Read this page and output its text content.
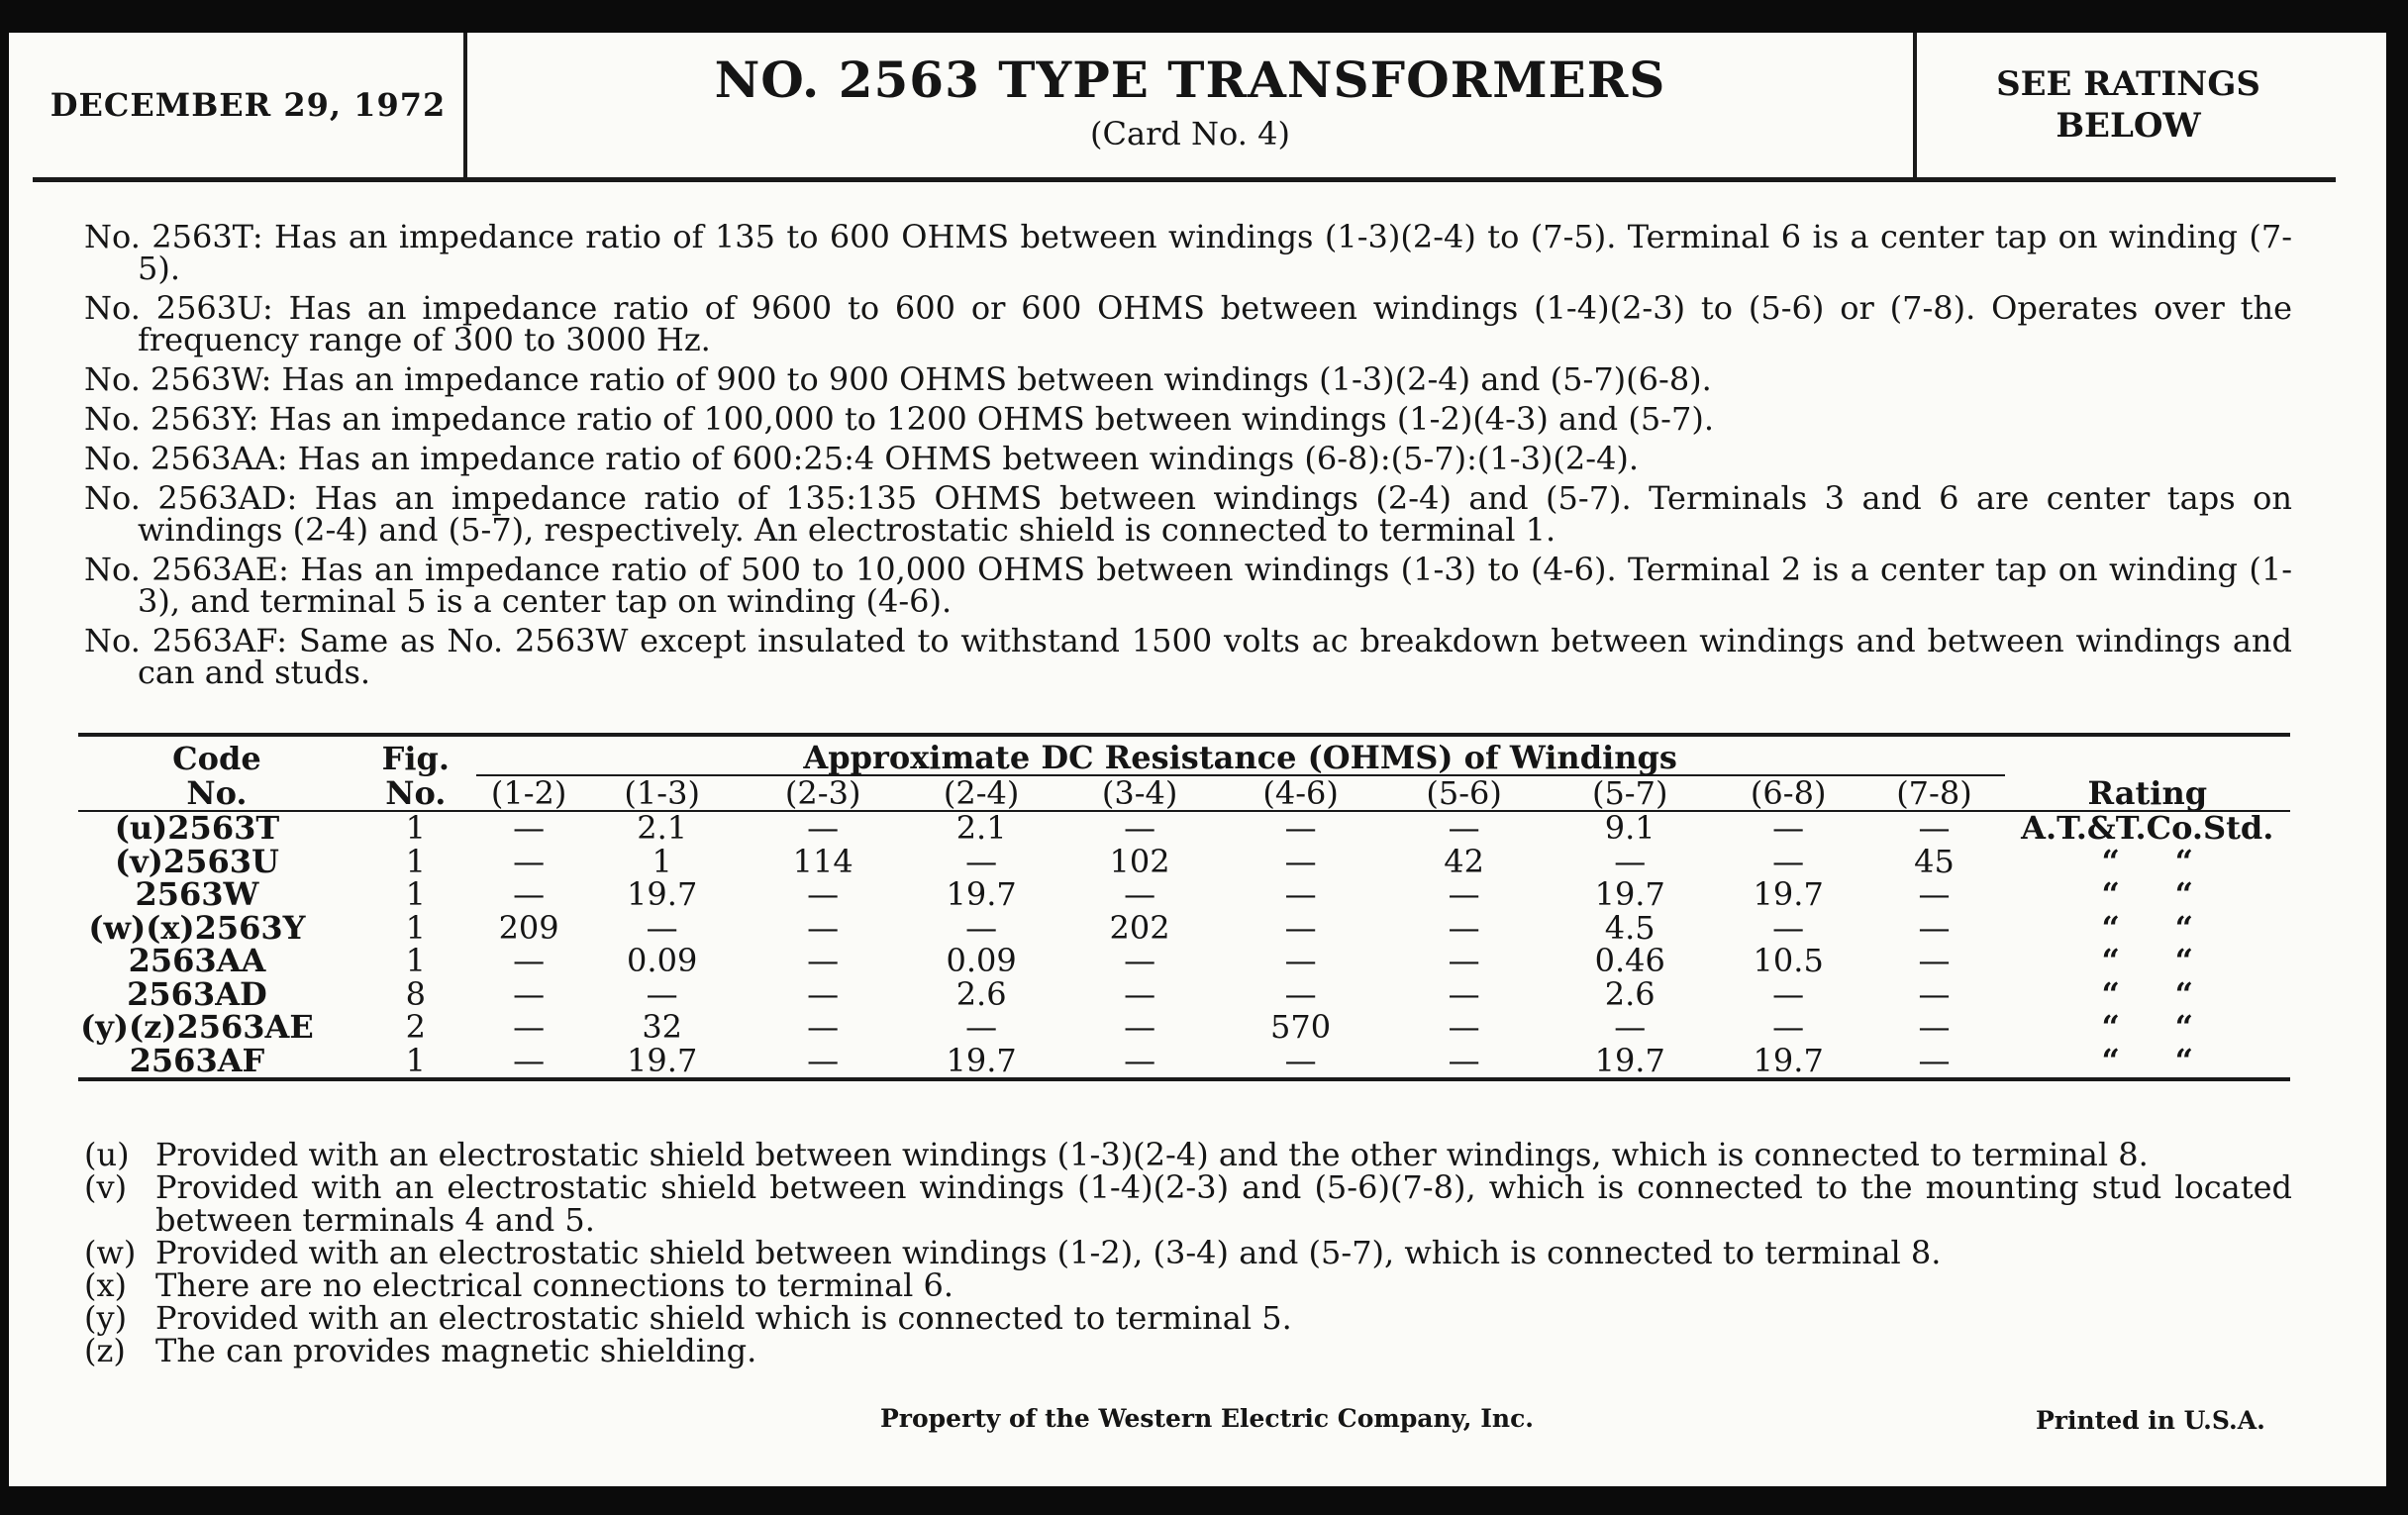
DECEMBER 29, 1972	NO. 2563 TYPE TRANSFORMERS
(Card No. 4)
SEE RATINGS
BELOW
No. 2563T: Has an impedance ratio of 135 to 600 OHMS between windings (1-3)(2-4) to (7-5). Terminal 6 is a center tap on winding (7-5).
No. 2563U: Has an impedance ratio of 9600 to 600 or 600 OHMS between windings (1-4)(2-3) to (5-6) or (7-8). Operates over the frequency range of 300 to 3000 Hz.
No. 2563W: Has an impedance ratio of 900 to 900 OHMS between windings (1-3)(2-4) and (5-7)(6-8).
No. 2563Y: Has an impedance ratio of 100,000 to 1200 OHMS between windings (1-2)(4-3) and (5-7).
No. 2563AA: Has an impedance ratio of 600:25:4 OHMS between windings (6-8):(5-7):(1-3)(2-4).
No. 2563AD: Has an impedance ratio of 135:135 OHMS between windings (2-4) and (5-7). Terminals 3 and 6 are center taps on windings (2-4) and (5-7), respectively. An electrostatic shield is connected to terminal 1.
No. 2563AE: Has an impedance ratio of 500 to 10,000 OHMS between windings (1-3) to (4-6). Terminal 2 is a center tap on winding (1-3), and terminal 5 is a center tap on winding (4-6).
No. 2563AF: Same as No. 2563W except insulated to withstand 1500 volts ac breakdown between windings and between windings and can and studs.
Code	Fig.	Approximate DC Resistance (OHMS) of Windings										
No.	No.	(1-2)	(1-3)	(2-3)	(2-4)	(3-4)	(4-6)	(5-6)	(5-7)	(6-8)	(7-8)	Rating
(u)2563T	1	—	2.1	—	2.1	—	—	—	9.1	—	—	A.T.&T.Co.Std.
(v)2563U	1	—	1	114	—	102	—	42	—	—	45	“     “
2563W	1	—	19.7	—	19.7	—	—	—	19.7	19.7	—	“     “
(w)(x)2563Y	1	209	—	—	—	202	—	—	4.5	—	—	“     “
2563AA	1	—	0.09	—	0.09	—	—	—	0.46	10.5	—	“     “
2563AD	8	—	—	—	2.6	—	—	—	2.6	—	—	“     “
(y)(z)2563AE	2	—	32	—	—	—	570	—	—	—	—	“     “
2563AF	1	—	19.7	—	19.7	—	—	—	19.7	19.7	—	“     “
(u) Provided with an electrostatic shield between windings (1-3)(2-4) and the other windings, which is connected to terminal 8.
(v) Provided with an electrostatic shield between windings (1-4)(2-3) and (5-6)(7-8), which is connected to the mounting stud located between terminals 4 and 5.
(w) Provided with an electrostatic shield between windings (1-2), (3-4) and (5-7), which is connected to terminal 8.
(x) There are no electrical connections to terminal 6.
(y) Provided with an electrostatic shield which is connected to terminal 5.
(z) The can provides magnetic shielding.
Property of the Western Electric Company, Inc.	Printed in U.S.A.
